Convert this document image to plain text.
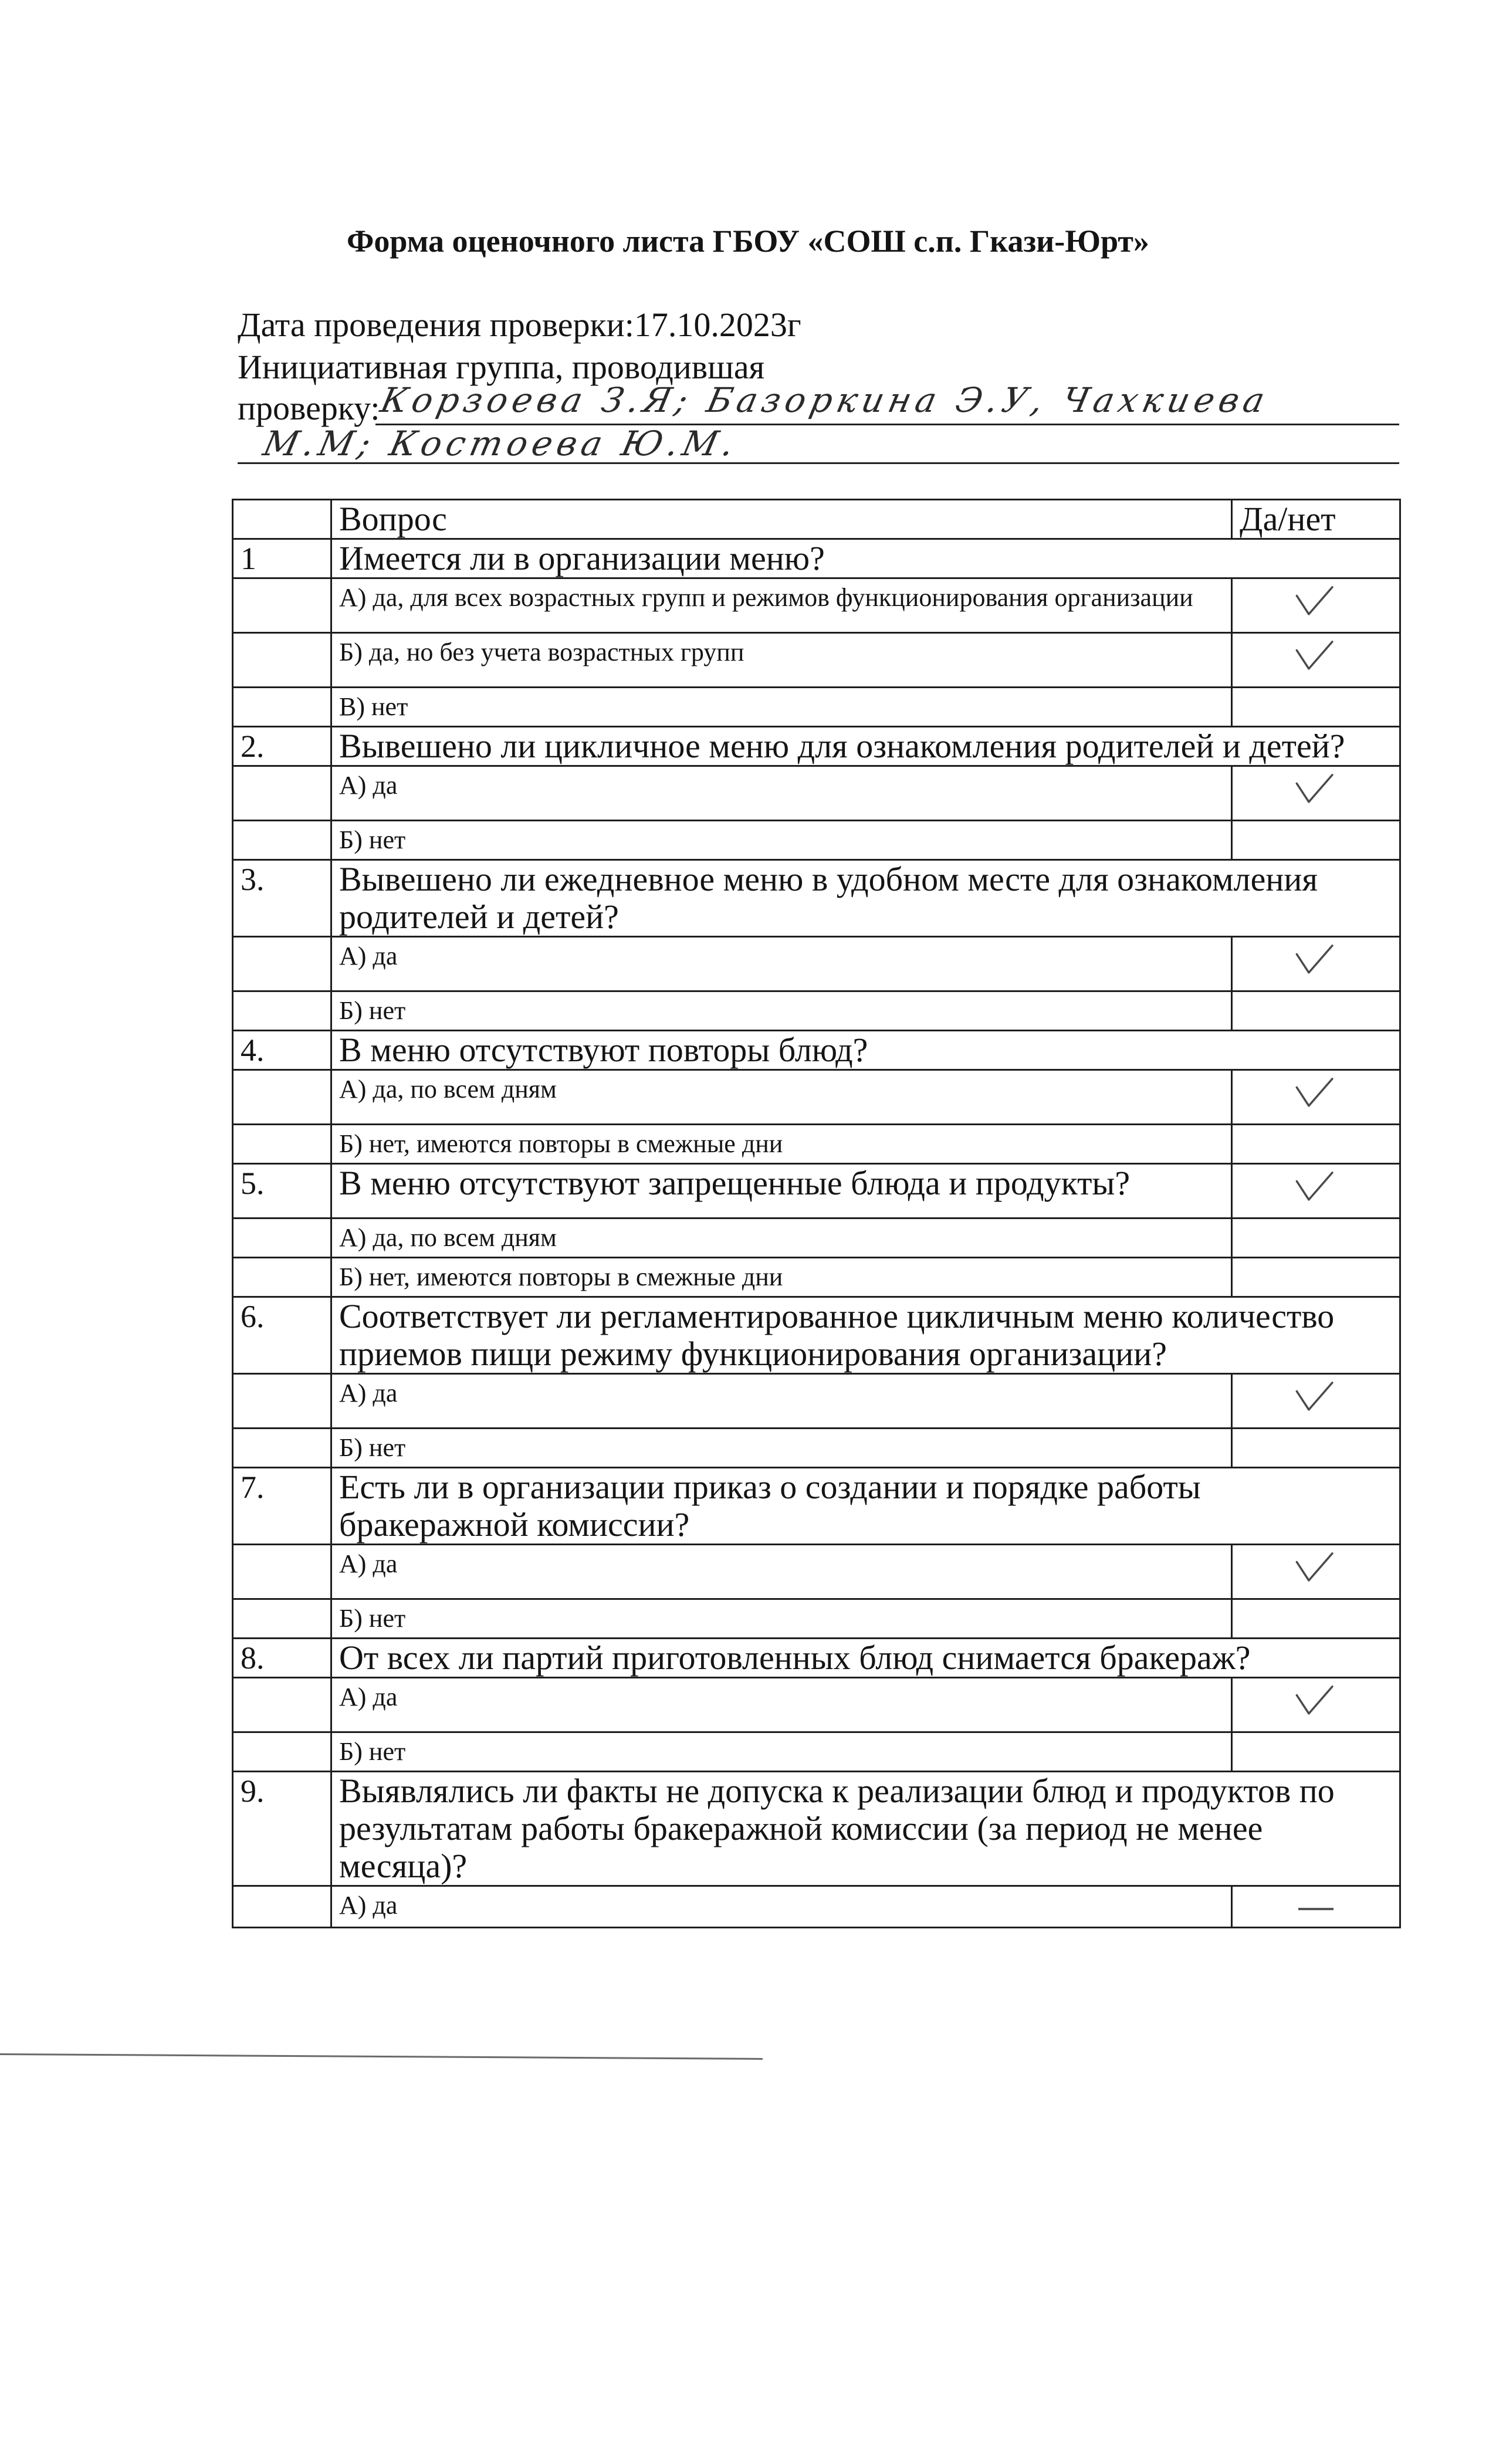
Форма оценочного листа ГБОУ «СОШ с.п. Гкази-Юрт»
Дата проведения проверки:17.10.2023г
Инициативная группа, проводившая
проверку:
Корзоева З.Я; Базоркина Э.У, Чахкиева
М.М; Костоева Ю.М.
	Вопрос	Да/нет
1	Имеется ли в организации меню?	
	А) да, для всех возрастных групп и режимов функционирования организации	
	Б) да, но без учета возрастных групп	
	В) нет	
2.	Вывешено ли цикличное меню для ознакомления родителей и детей?	
	А) да	
	Б) нет	
3.	Вывешено ли ежедневное меню в удобном месте для ознакомления родителей и детей?	
	А) да	
	Б) нет	
4.	В меню отсутствуют повторы блюд?	
	А) да, по всем дням	
	Б) нет, имеются повторы в смежные дни	
5.	В меню отсутствуют запрещенные блюда и продукты?	
	А) да, по всем дням	
	Б) нет, имеются повторы в смежные дни	
6.	Соответствует ли регламентированное цикличным меню количество приемов пищи режиму функционирования организации?	
	А) да	
	Б) нет	
7.	Есть ли в организации приказ о создании и порядке работы бракеражной комиссии?	
	А) да	
	Б) нет	
8.	От всех ли партий приготовленных блюд снимается бракераж?	
	А) да	
	Б) нет	
9.	Выявлялись ли факты не допуска к реализации блюд и продуктов по результатам работы бракеражной комиссии (за период не менее месяца)?	
	А) да	
